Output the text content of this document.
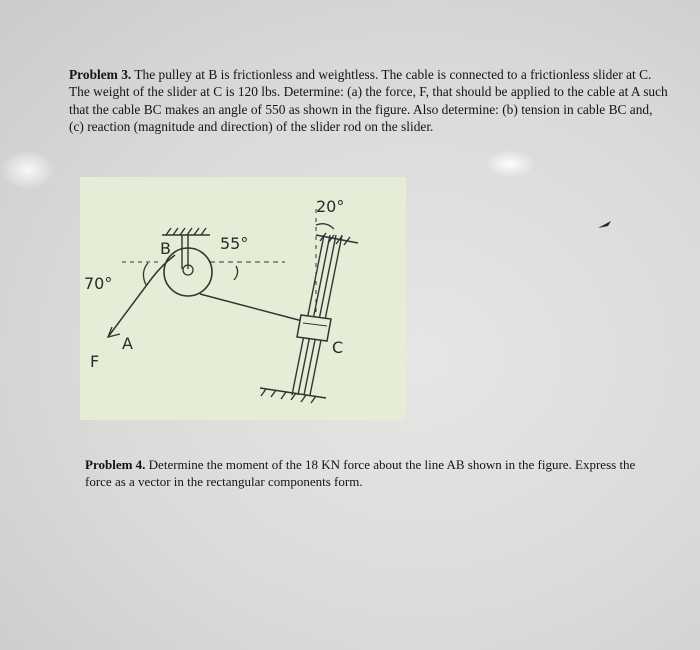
Problem 3. The pulley at B is frictionless and weightless. The cable is connected to a frictionless slider at C. The weight of the slider at C is 120 lbs. Determine: (a) the force, F, that should be applied to the cable at A such that the cable BC makes an angle of 550 as shown in the figure. Also determine: (b) tension in cable BC and, (c) reaction (magnitude and direction) of the slider rod on the slider.
20°
55°
70°
B
A	C
F
Problem 4. Determine the moment of the 18 KN force about the line AB shown in the figure. Express the force as a vector in the rectangular components form.
